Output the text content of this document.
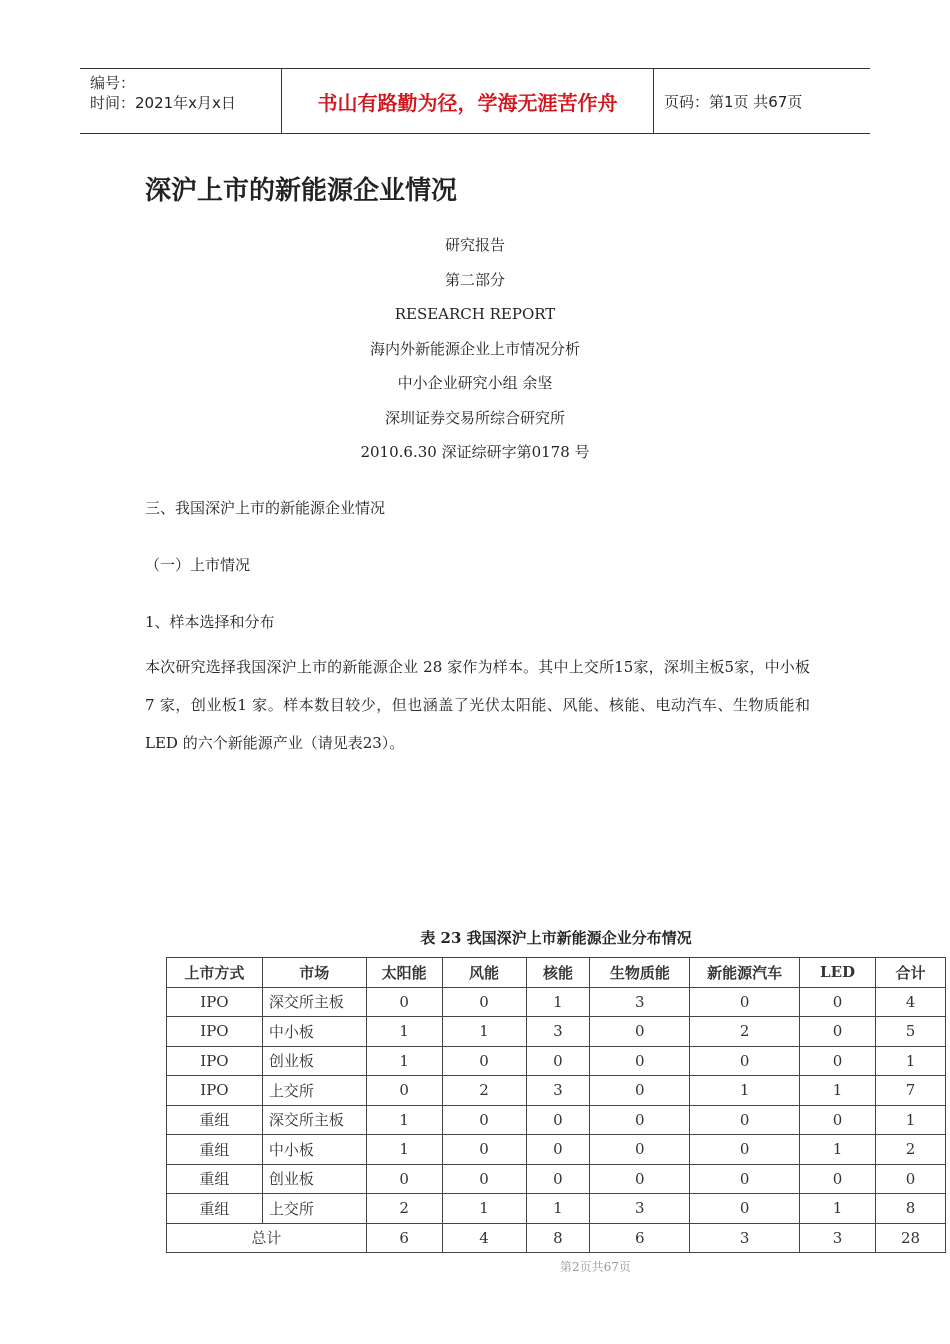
编号：
时间：2021年x月x日	书山有路勤为径，学海无涯苦作舟	页码：第1页 共67页
深沪上市的新能源企业情况
研究报告
第二部分
RESEARCH REPORT
海内外新能源企业上市情况分析
中小企业研究小组 余坚
深圳证券交易所综合研究所
2010.6.30 深证综研字第0178 号
三、我国深沪上市的新能源企业情况
（一）上市情况
1、样本选择和分布
本次研究选择我国深沪上市的新能源企业 28 家作为样本。其中上交所15家，深圳主板5家，中小板7 家，创业板1 家。样本数目较少，但也涵盖了光伏太阳能、风能、核能、电动汽车、生物质能和LED 的六个新能源产业（请见表23）。
表 23 我国深沪上市新能源企业分布情况
上市方式	市场	太阳能	风能	核能	生物质能	新能源汽车	LED	合计
IPO	深交所主板	0	0	1	3	0	0	4
IPO	中小板	1	1	3	0	2	0	5
IPO	创业板	1	0	0	0	0	0	1
IPO	上交所	0	2	3	0	1	1	7
重组	深交所主板	1	0	0	0	0	0	1
重组	中小板	1	0	0	0	0	1	2
重组	创业板	0	0	0	0	0	0	0
重组	上交所	2	1	1	3	0	1	8
总计		6	4	8	6	3	3	28
第2页共67页
